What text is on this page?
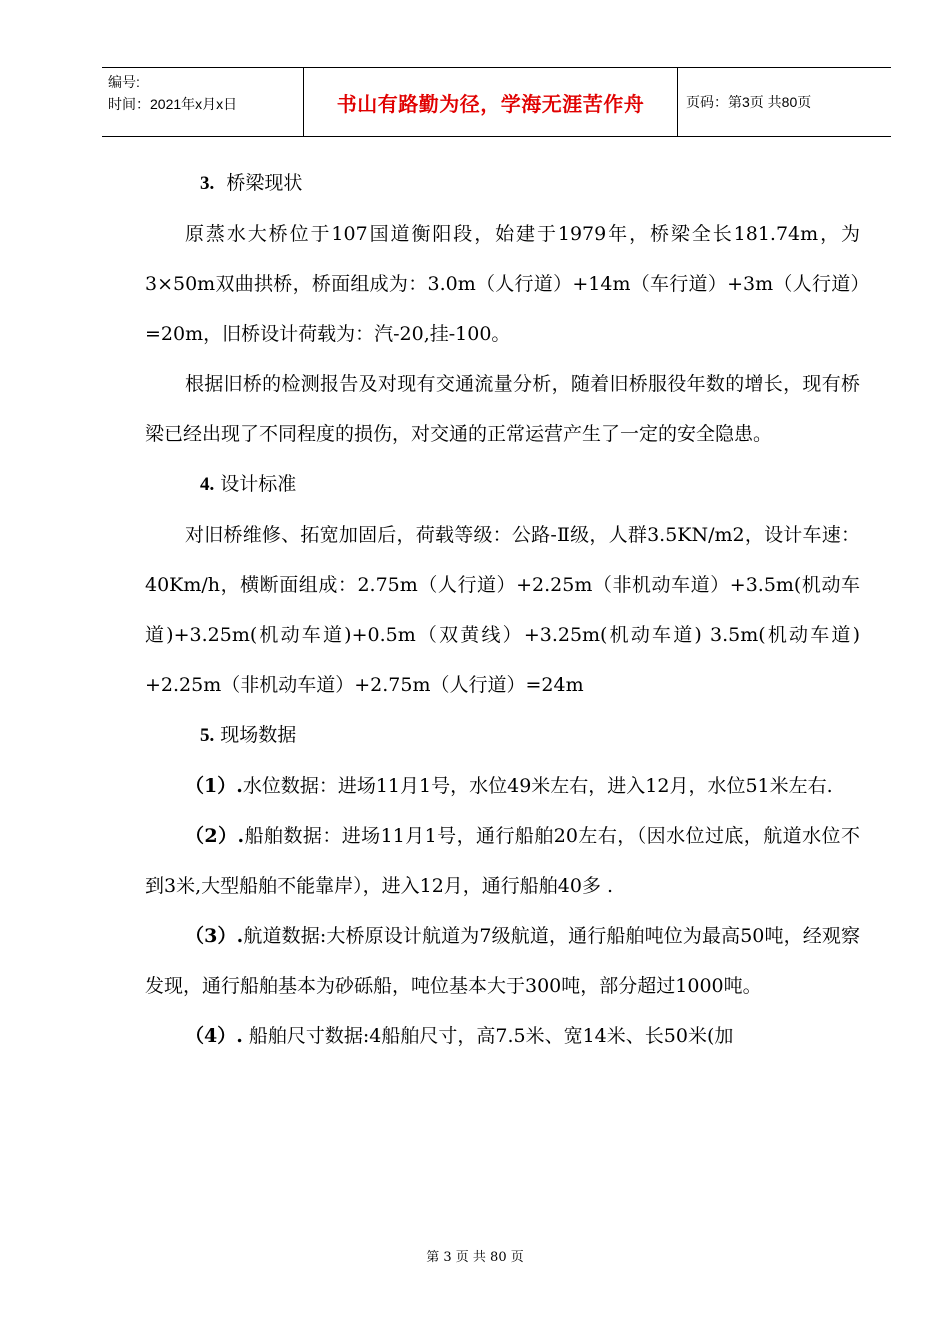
编号:
时间：2021年x月x日	书山有路勤为径，学海无涯苦作舟	页码：第3页 共80页

3. 桥梁现状

原蒸水大桥位于107国道衡阳段，始建于1979年，桥梁全长181.74m，为3×50m双曲拱桥，桥面组成为：3.0m（人行道）+14m（车行道）+3m（人行道）=20m，旧桥设计荷载为：汽-20,挂-100。

根据旧桥的检测报告及对现有交通流量分析，随着旧桥服役年数的增长，现有桥梁已经出现了不同程度的损伤，对交通的正常运营产生了一定的安全隐患。

4. 设计标准

对旧桥维修、拓宽加固后，荷载等级：公路-Ⅱ级，人群3.5KN/m2，设计车速：40Km/h，横断面组成：2.75m（人行道）+2.25m（非机动车道）+3.5m(机动车道)+3.25m(机动车道)+0.5m（双黄线）+3.25m(机动车道) 3.5m(机动车道) +2.25m（非机动车道）+2.75m（人行道）=24m

5. 现场数据

（1）.水位数据：进场11月1号，水位49米左右，进入12月，水位51米左右.

（2）.船舶数据：进场11月1号，通行船舶20左右，（因水位过底，航道水位不到3米,大型船舶不能靠岸），进入12月，通行船舶40多 .

（3）.航道数据:大桥原设计航道为7级航道，通行船舶吨位为最高50吨，经观察发现，通行船舶基本为砂砾船，吨位基本大于300吨，部分超过1000吨。

（4）. 船舶尺寸数据:4船舶尺寸，高7.5米、宽14米、长50米(加

第 3 页 共 80 页
